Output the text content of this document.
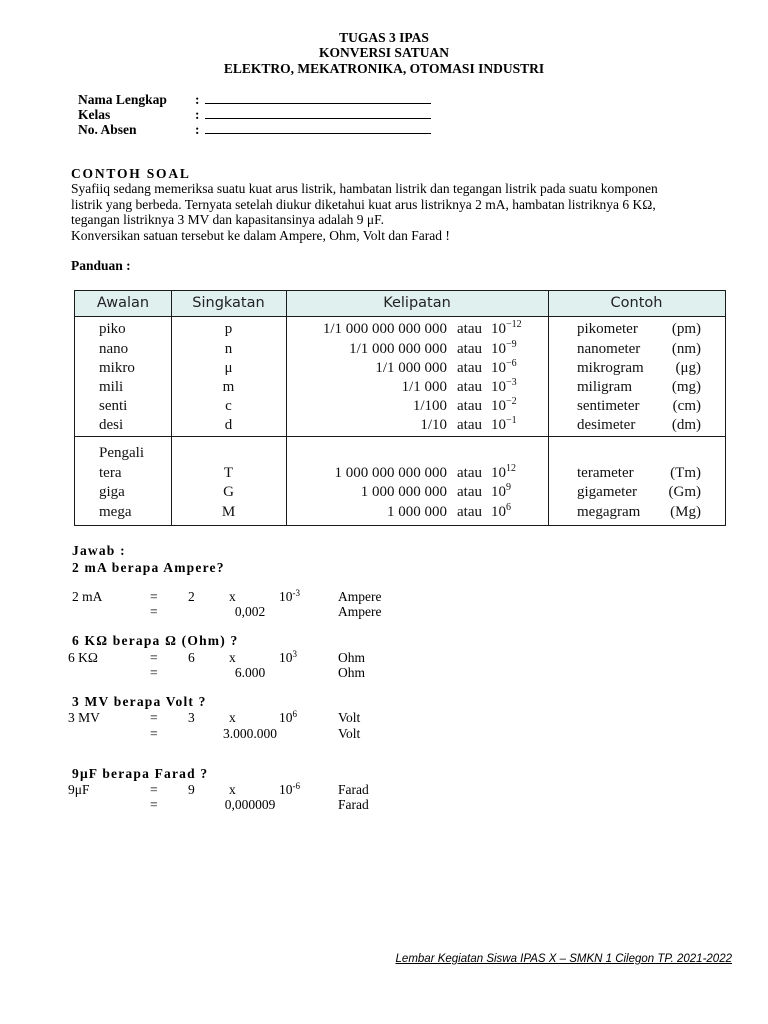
TUGAS 3 IPAS
KONVERSI SATUAN
ELEKTRO, MEKATRONIKA, OTOMASI INDUSTRI
Nama Lengkap :
Kelas	:
No. Absen	:
CONTOH SOAL
Syafiiq sedang memeriksa suatu kuat arus listrik, hambatan listrik dan tegangan listrik pada suatu komponen
listrik yang berbeda. Ternyata setelah diukur diketahui kuat arus listriknya 2 mA, hambatan listriknya 6 KΩ,
tegangan listriknya 3 MV dan kapasitansinya adalah 9 μF.
Konversikan satuan tersebut ke dalam Ampere, Ohm, Volt dan Farad !
Panduan :
Awalan	Singkatan	Kelipatan	Contoh
piko	p	1/1 000 000 000 000 atau $10^{-12}$	pikometer (pm)
nano	n	1/1 000 000 000 atau $10^{-9}$	nanometer (nm)
mikro	μ	1/1 000 000 atau $10^{-6}$	mikrogram (μg)
mili	m	1/1 000 atau $10^{-3}$	miligram	(mg)
senti	c	1/100 atau $10^{-2}$	sentimeter (cm)
desi	d	1/10 atau $10^{-1}$	desimeter (dm)
Pengali
tera	T	1 000 000 000 000 atau $10^{12}$	terameter (Tm)
giga	G	1 000 000 000 atau $10^9$	gigameter (Gm)
mega	M	1 000 000 atau $10^6$	megagram (Mg)
Jawab :
2 mA berapa Ampere?
2 mA	= 2	x	$10^{-3}$	Ampere
=	0,002	Ampere
6 KΩ berapa Ω (Ohm) ?
6 KΩ	= 6	x	$10^3$	Ohm
=	6.000	Ohm
3 MV berapa Volt ?
3 MV	= 3	x	$10^6$	Volt
=	3.000.000	Volt
9μF berapa Farad ?
9μF	= 9	x	$10^{-6}$	Farad
=	0,000009	Farad
Lembar Kegiatan Siswa IPAS X – SMKN 1 Cilegon TP. 2021-2022
